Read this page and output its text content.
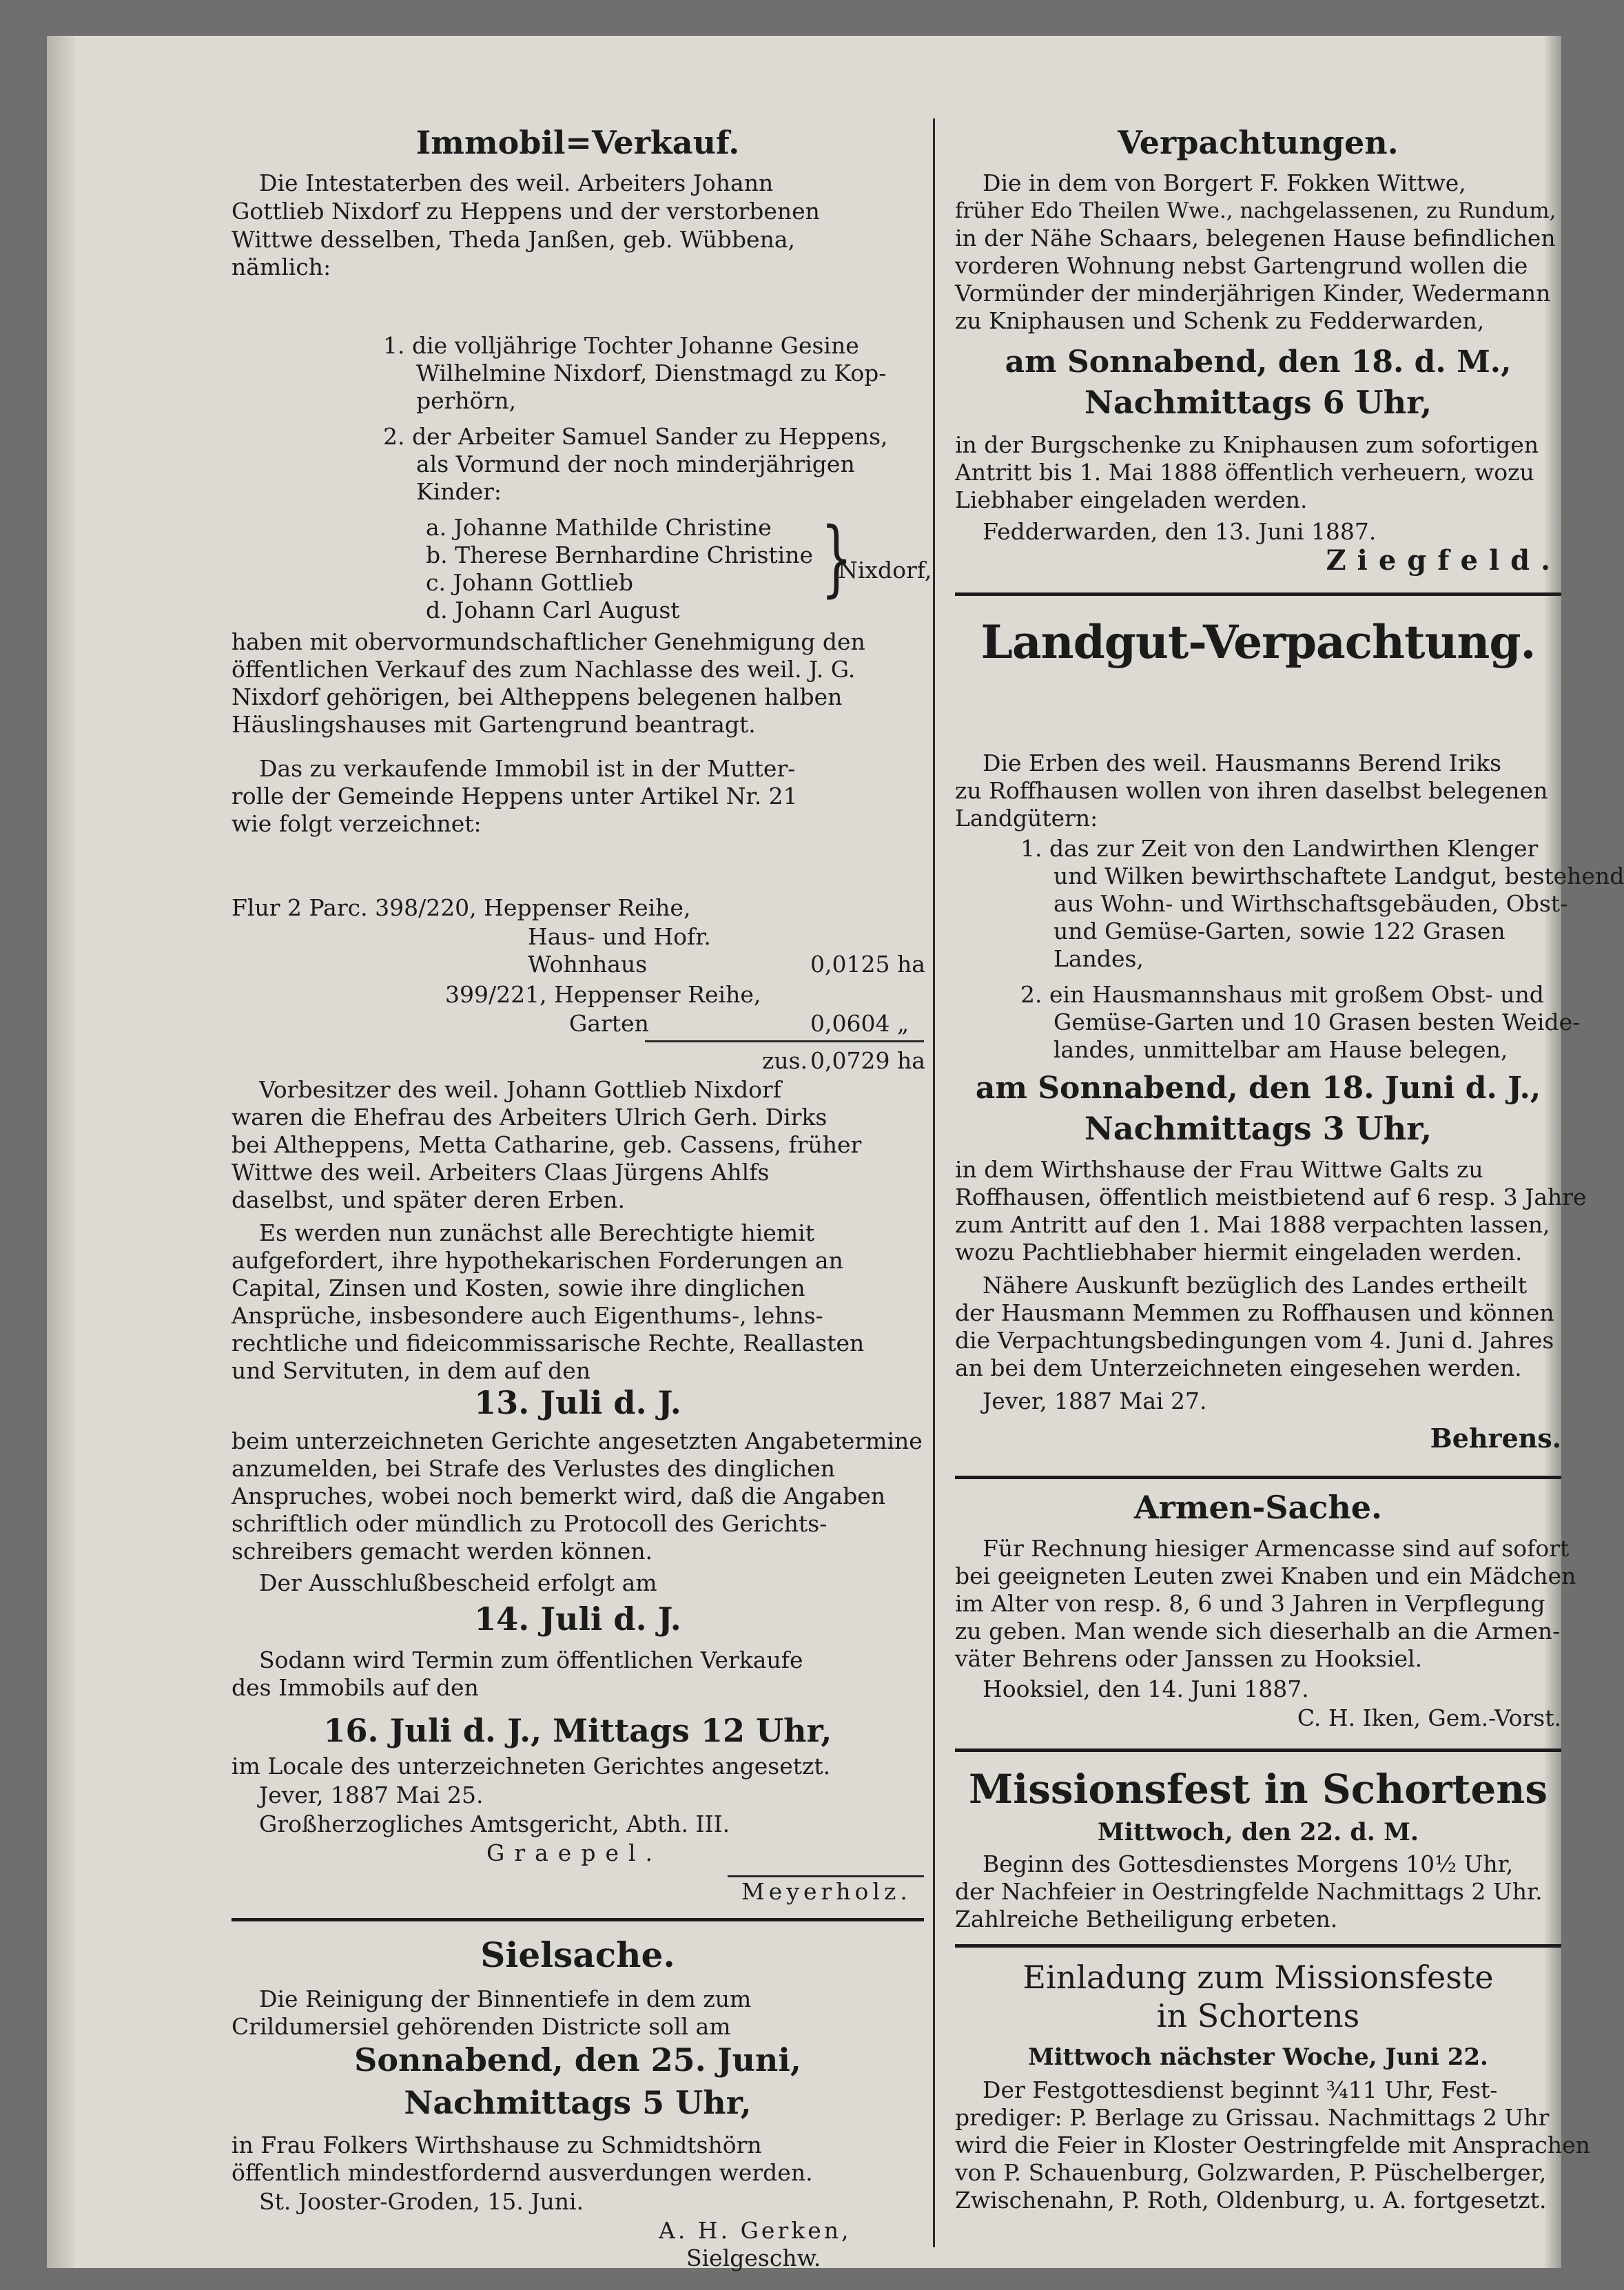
Immobil=Verkauf.
Die Intestaterben des weil. Arbeiters Johann
Gottlieb Nixdorf zu Heppens und der verstorbenen
Wittwe desselben, Theda Janßen, geb. Wübbena,
nämlich:
1. die volljährige Tochter Johanne Gesine
Wilhelmine Nixdorf, Dienstmagd zu Kop-
perhörn,
2. der Arbeiter Samuel Sander zu Heppens,
als Vormund der noch minderjährigen
Kinder:
a. Johanne Mathilde Christine
b. Therese Bernhardine Christine
c. Johann Gottlieb
d. Johann Carl August
}
Nixdorf,
haben mit obervormundschaftlicher Genehmigung den
öffentlichen Verkauf des zum Nachlasse des weil. J. G.
Nixdorf gehörigen, bei Altheppens belegenen halben
Häuslingshauses mit Gartengrund beantragt.
Das zu verkaufende Immobil ist in der Mutter-
rolle der Gemeinde Heppens unter Artikel Nr. 21
wie folgt verzeichnet:
Flur 2 Parc. 398/220, Heppenser Reihe,
Haus- und Hofr.
Wohnhaus	0,0125 ha
399/221, Heppenser Reihe,
Garten	0,0604 „
zus. 0,0729 ha
Vorbesitzer des weil. Johann Gottlieb Nixdorf
waren die Ehefrau des Arbeiters Ulrich Gerh. Dirks
bei Altheppens, Metta Catharine, geb. Cassens, früher
Wittwe des weil. Arbeiters Claas Jürgens Ahlfs
daselbst, und später deren Erben.
Es werden nun zunächst alle Berechtigte hiemit
aufgefordert, ihre hypothekarischen Forderungen an
Capital, Zinsen und Kosten, sowie ihre dinglichen
Ansprüche, insbesondere auch Eigenthums-, lehns-
rechtliche und fideicommissarische Rechte, Reallasten
und Servituten, in dem auf den
13. Juli d. J.
beim unterzeichneten Gerichte angesetzten Angabetermine
anzumelden, bei Strafe des Verlustes des dinglichen
Anspruches, wobei noch bemerkt wird, daß die Angaben
schriftlich oder mündlich zu Protocoll des Gerichts-
schreibers gemacht werden können.
Der Ausschlußbescheid erfolgt am
14. Juli d. J.
Sodann wird Termin zum öffentlichen Verkaufe
des Immobils auf den
16. Juli d. J., Mittags 12 Uhr,
im Locale des unterzeichneten Gerichtes angesetzt.
Jever, 1887 Mai 25.
Großherzogliches Amtsgericht, Abth. III.
Graepel.
Meyerholz.
Sielsache.
Die Reinigung der Binnentiefe in dem zum
Crildumersiel gehörenden Districte soll am
Sonnabend, den 25. Juni,
Nachmittags 5 Uhr,
in Frau Folkers Wirthshause zu Schmidtshörn
öffentlich mindestfordernd ausverdungen werden.
St. Jooster-Groden, 15. Juni.
A. H. Gerken,
Sielgeschw.
Verpachtungen.
Die in dem von Borgert F. Fokken Wittwe,
früher Edo Theilen Wwe., nachgelassenen, zu Rundum,
in der Nähe Schaars, belegenen Hause befindlichen
vorderen Wohnung nebst Gartengrund wollen die
Vormünder der minderjährigen Kinder, Wedermann
zu Kniphausen und Schenk zu Fedderwarden,
am Sonnabend, den 18. d. M.,
Nachmittags 6 Uhr,
in der Burgschenke zu Kniphausen zum sofortigen
Antritt bis 1. Mai 1888 öffentlich verheuern, wozu
Liebhaber eingeladen werden.
Fedderwarden, den 13. Juni 1887.
Ziegfeld.
Landgut-Verpachtung.
Die Erben des weil. Hausmanns Berend Iriks
zu Roffhausen wollen von ihren daselbst belegenen
Landgütern:
1. das zur Zeit von den Landwirthen Klenger
und Wilken bewirthschaftete Landgut, bestehend
aus Wohn- und Wirthschaftsgebäuden, Obst-
und Gemüse-Garten, sowie 122 Grasen
Landes,
2. ein Hausmannshaus mit großem Obst- und
Gemüse-Garten und 10 Grasen besten Weide-
landes, unmittelbar am Hause belegen,
am Sonnabend, den 18. Juni d. J.,
Nachmittags 3 Uhr,
in dem Wirthshause der Frau Wittwe Galts zu
Roffhausen, öffentlich meistbietend auf 6 resp. 3 Jahre
zum Antritt auf den 1. Mai 1888 verpachten lassen,
wozu Pachtliebhaber hiermit eingeladen werden.
Nähere Auskunft bezüglich des Landes ertheilt
der Hausmann Memmen zu Roffhausen und können
die Verpachtungsbedingungen vom 4. Juni d. Jahres
an bei dem Unterzeichneten eingesehen werden.
Jever, 1887 Mai 27.
Behrens.
Armen-Sache.
Für Rechnung hiesiger Armencasse sind auf sofort
bei geeigneten Leuten zwei Knaben und ein Mädchen
im Alter von resp. 8, 6 und 3 Jahren in Verpflegung
zu geben. Man wende sich dieserhalb an die Armen-
väter Behrens oder Janssen zu Hooksiel.
Hooksiel, den 14. Juni 1887.
C. H. Iken, Gem.-Vorst.
Missionsfest in Schortens
Mittwoch, den 22. d. M.
Beginn des Gottesdienstes Morgens 10½ Uhr,
der Nachfeier in Oestringfelde Nachmittags 2 Uhr.
Zahlreiche Betheiligung erbeten.
Einladung zum Missionsfeste
in Schortens
Mittwoch nächster Woche, Juni 22.
Der Festgottesdienst beginnt ¾11 Uhr, Fest-
prediger: P. Berlage zu Grissau. Nachmittags 2 Uhr
wird die Feier in Kloster Oestringfelde mit Ansprachen
von P. Schauenburg, Golzwarden, P. Püschelberger,
Zwischenahn, P. Roth, Oldenburg, u. A. fortgesetzt.
